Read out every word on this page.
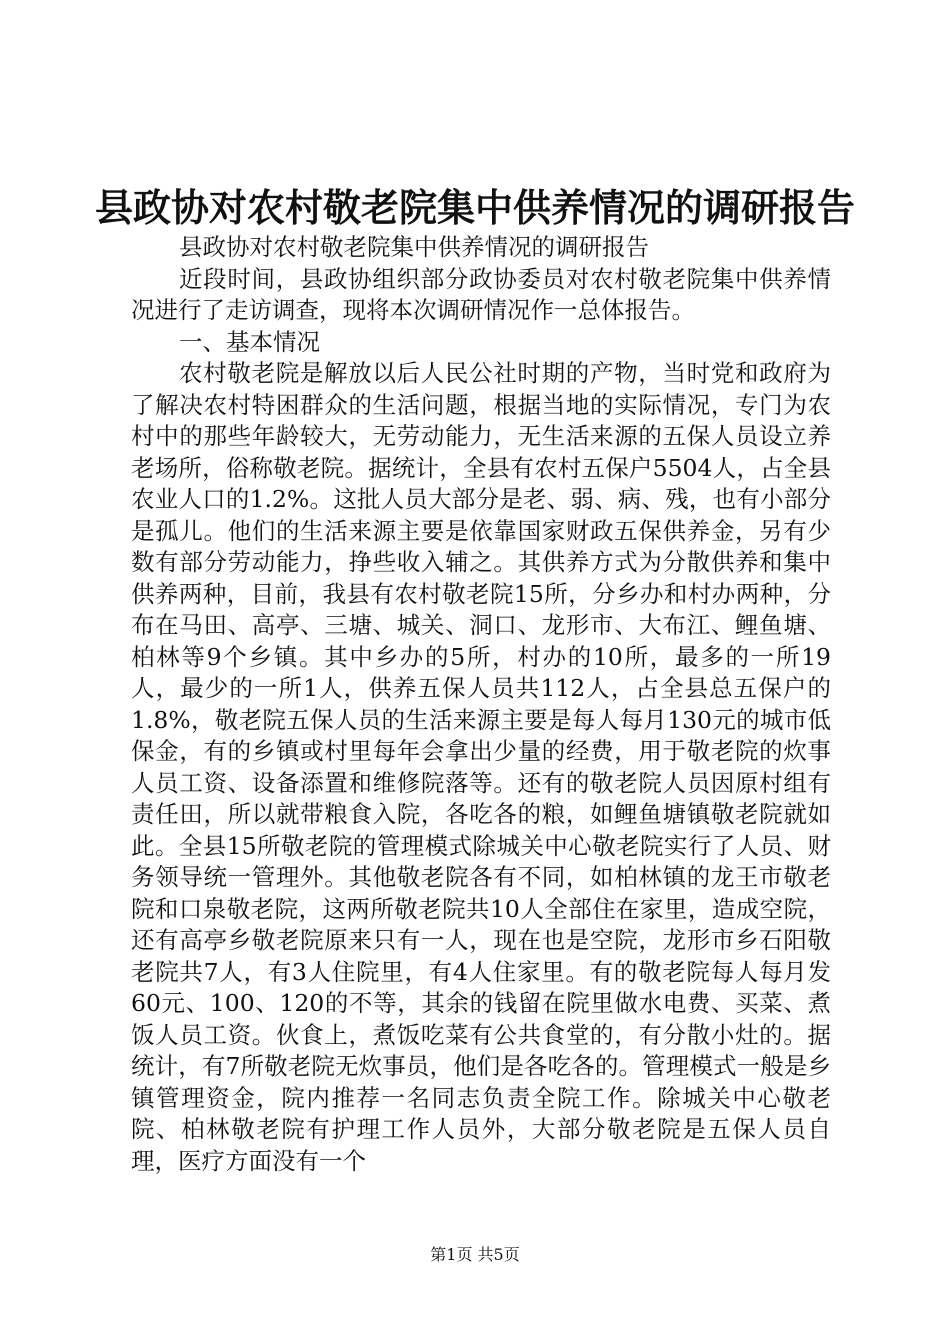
县政协对农村敬老院集中供养情况的调研报告

县政协对农村敬老院集中供养情况的调研报告

近段时间，县政协组织部分政协委员对农村敬老院集中供养情况进行了走访调查，现将本次调研情况作一总体报告。

一、基本情况

农村敬老院是解放以后人民公社时期的产物，当时党和政府为了解决农村特困群众的生活问题，根据当地的实际情况，专门为农村中的那些年龄较大，无劳动能力，无生活来源的五保人员设立养老场所，俗称敬老院。据统计，全县有农村五保户5504人，占全县农业人口的1.2%。这批人员大部分是老、弱、病、残，也有小部分是孤儿。他们的生活来源主要是依靠国家财政五保供养金，另有少数有部分劳动能力，挣些收入辅之。其供养方式为分散供养和集中供养两种，目前，我县有农村敬老院15所，分乡办和村办两种，分布在马田、高亭、三塘、城关、洞口、龙形市、大布江、鲤鱼塘、柏林等9个乡镇。其中乡办的5所，村办的10所，最多的一所19人，最少的一所1人，供养五保人员共112人，占全县总五保户的1.8%，敬老院五保人员的生活来源主要是每人每月130元的城市低保金，有的乡镇或村里每年会拿出少量的经费，用于敬老院的炊事人员工资、设备添置和维修院落等。还有的敬老院人员因原村组有责任田，所以就带粮食入院，各吃各的粮，如鲤鱼塘镇敬老院就如此。全县15所敬老院的管理模式除城关中心敬老院实行了人员、财务领导统一管理外。其他敬老院各有不同，如柏林镇的龙王市敬老院和口泉敬老院，这两所敬老院共10人全部住在家里，造成空院，还有高亭乡敬老院原来只有一人，现在也是空院，龙形市乡石阳敬老院共7人，有3人住院里，有4人住家里。有的敬老院每人每月发60元、100、120的不等，其余的钱留在院里做水电费、买菜、煮饭人员工资。伙食上，煮饭吃菜有公共食堂的，有分散小灶的。据统计，有7所敬老院无炊事员，他们是各吃各的。管理模式一般是乡镇管理资金，院内推荐一名同志负责全院工作。除城关中心敬老院、柏林敬老院有护理工作人员外，大部分敬老院是五保人员自理，医疗方面没有一个

第1页 共5页
